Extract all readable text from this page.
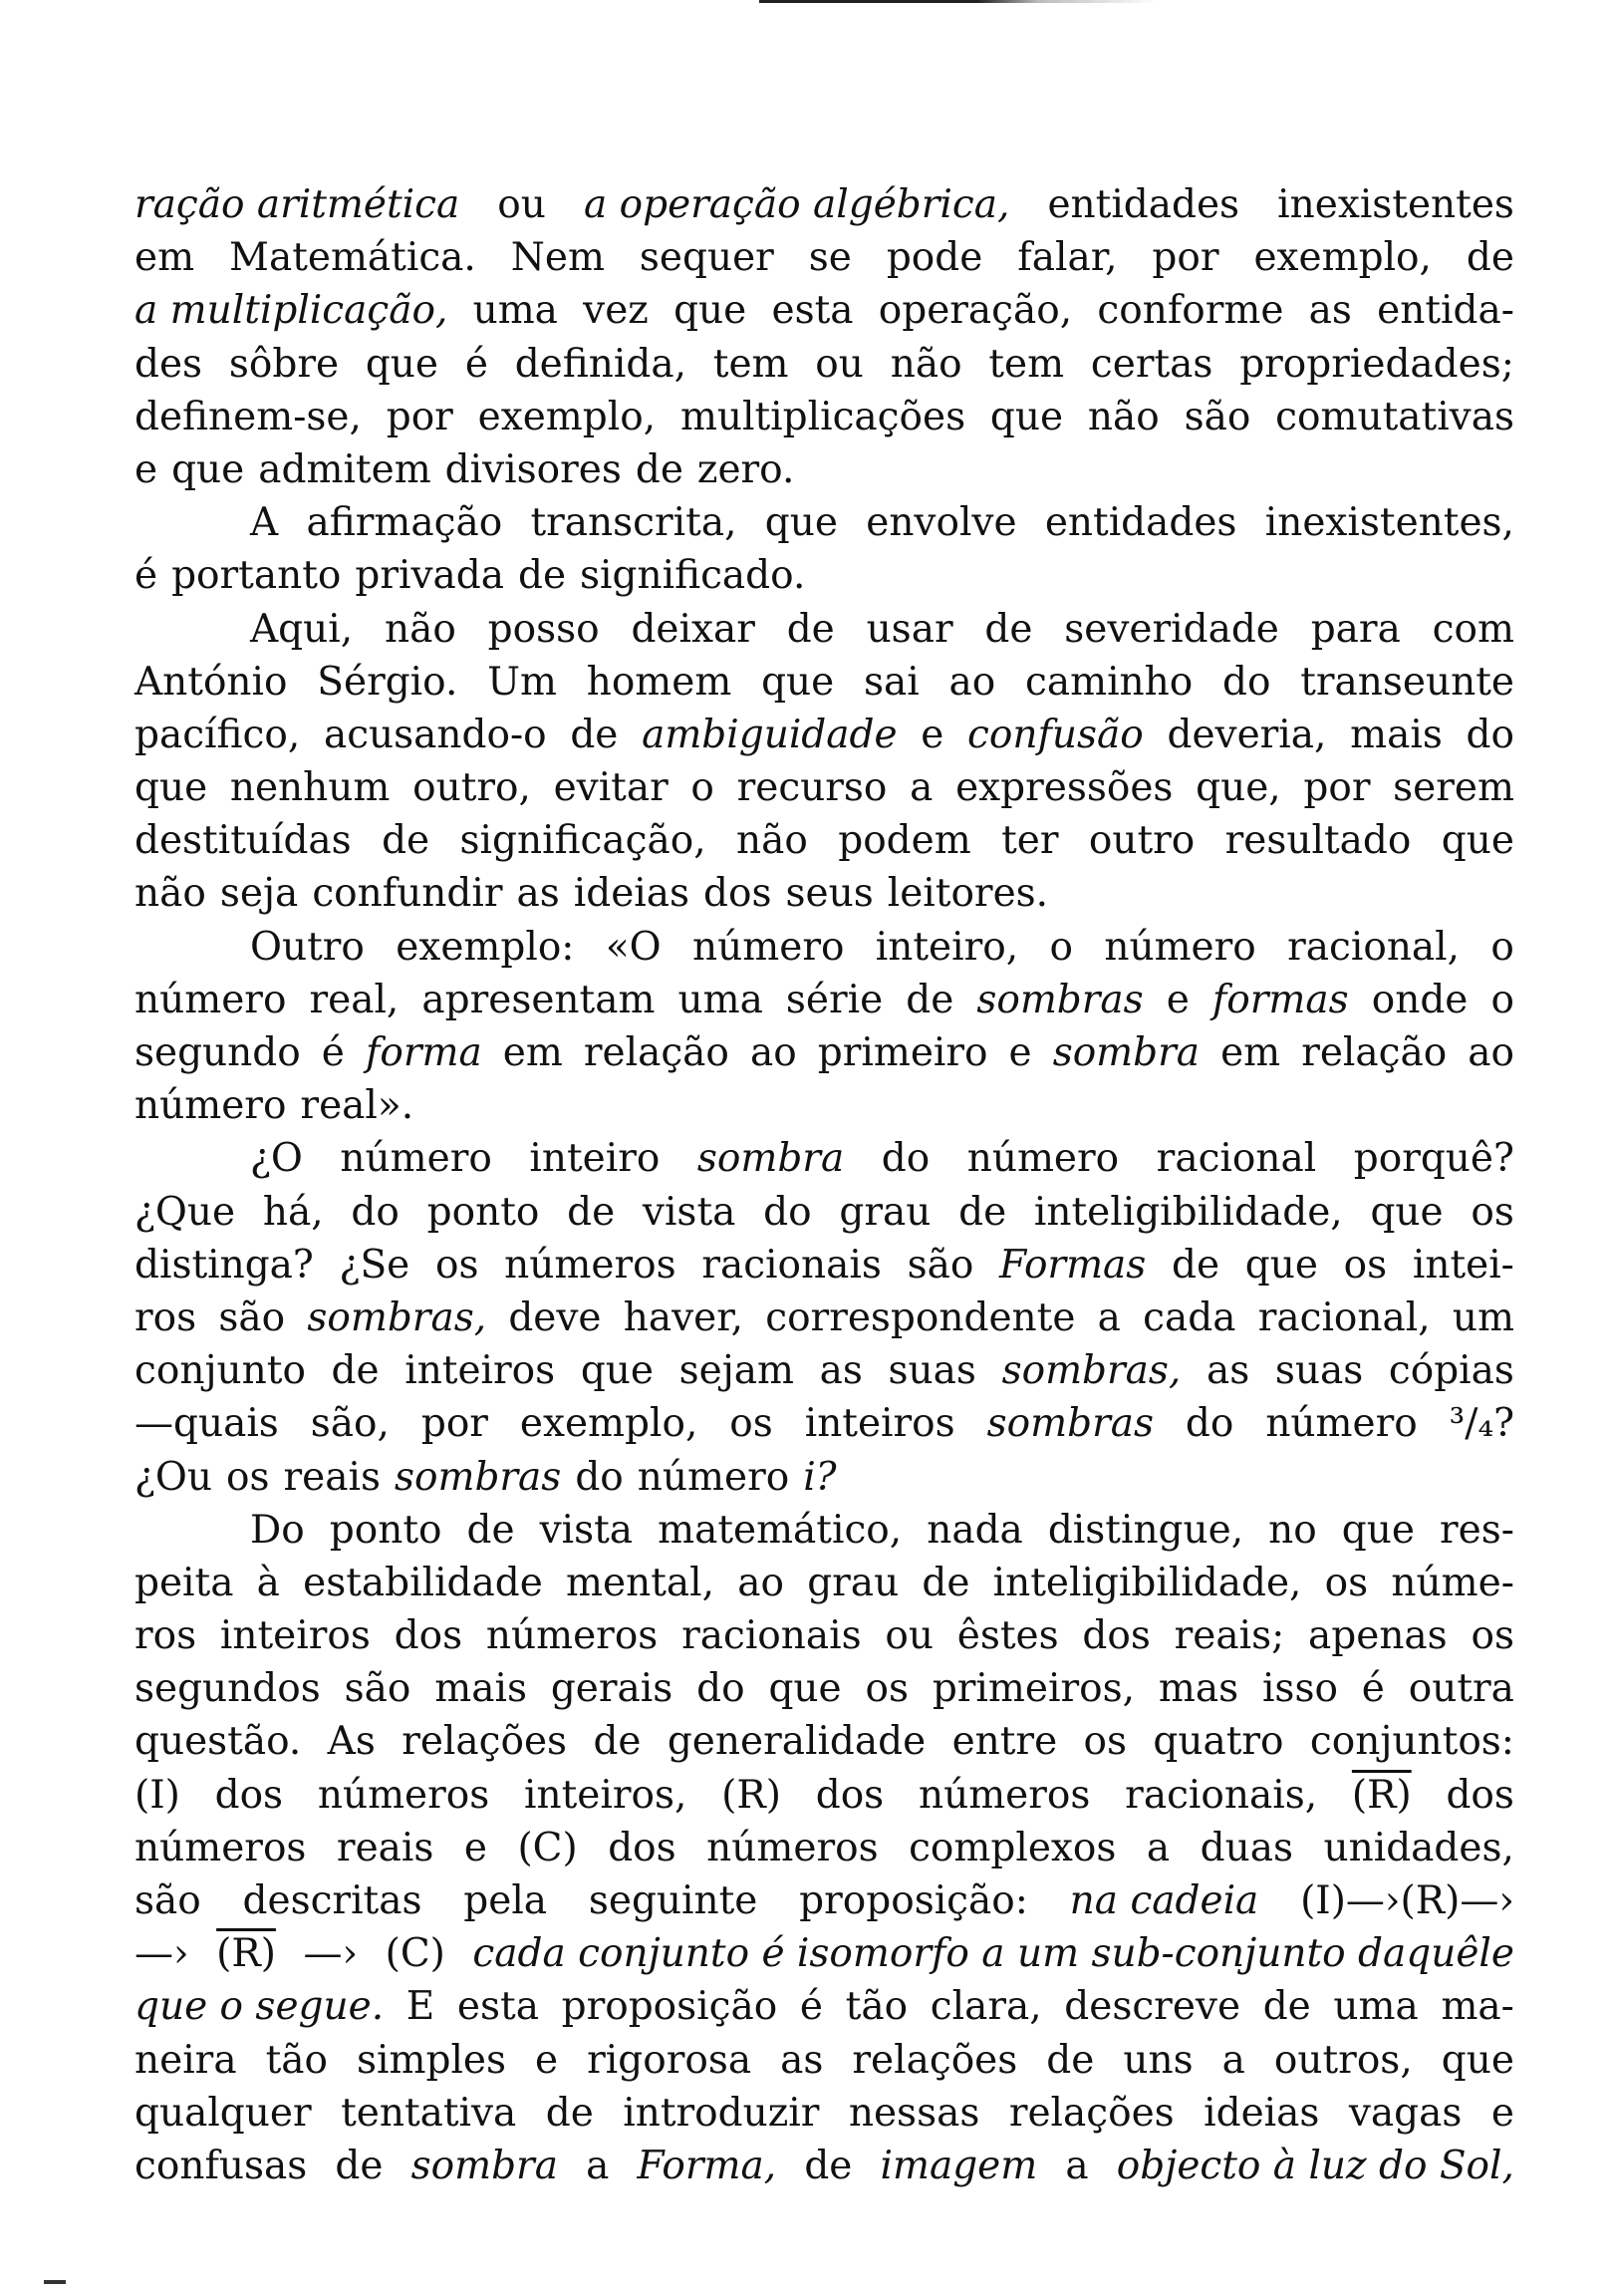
ração aritmética ou a operação algébrica, entidades inexistentes
em Matemática. Nem sequer se pode falar, por exemplo, de
a multiplicação, uma vez que esta operação, conforme as entida-
des sôbre que é definida, tem ou não tem certas propriedades;
definem-se, por exemplo, multiplicações que não são comutativas
e que admitem divisores de zero.
A afirmação transcrita, que envolve entidades inexistentes,
é portanto privada de significado.
Aqui, não posso deixar de usar de severidade para com
António Sérgio. Um homem que sai ao caminho do transeunte
pacífico, acusando-o de ambiguidade e confusão deveria, mais do
que nenhum outro, evitar o recurso a expressões que, por serem
destituídas de significação, não podem ter outro resultado que
não seja confundir as ideias dos seus leitores.
Outro exemplo: «O número inteiro, o número racional, o
número real, apresentam uma série de sombras e formas onde o
segundo é forma em relação ao primeiro e sombra em relação ao
número real».
¿O número inteiro sombra do número racional porquê?
¿Que há, do ponto de vista do grau de inteligibilidade, que os
distinga? ¿Se os números racionais são Formas de que os intei-
ros são sombras, deve haver, correspondente a cada racional, um
conjunto de inteiros que sejam as suas sombras, as suas cópias
—quais são, por exemplo, os inteiros sombras do número ³/₄?
¿Ou os reais sombras do número i?
Do ponto de vista matemático, nada distingue, no que res-
peita à estabilidade mental, ao grau de inteligibilidade, os núme-
ros inteiros dos números racionais ou êstes dos reais; apenas os
segundos são mais gerais do que os primeiros, mas isso é outra
questão. As relações de generalidade entre os quatro conjuntos:
(I) dos números inteiros, (R) dos números racionais, (R) dos
números reais e (C) dos números complexos a duas unidades,
são descritas pela seguinte proposição: na cadeia (I)—›(R)—›
—› (R) —› (C) cada conjunto é isomorfo a um sub-conjunto daquêle
que o segue. E esta proposição é tão clara, descreve de uma ma-
neira tão simples e rigorosa as relações de uns a outros, que
qualquer tentativa de introduzir nessas relações ideias vagas e
confusas de sombra a Forma, de imagem a objecto à luz do Sol,
